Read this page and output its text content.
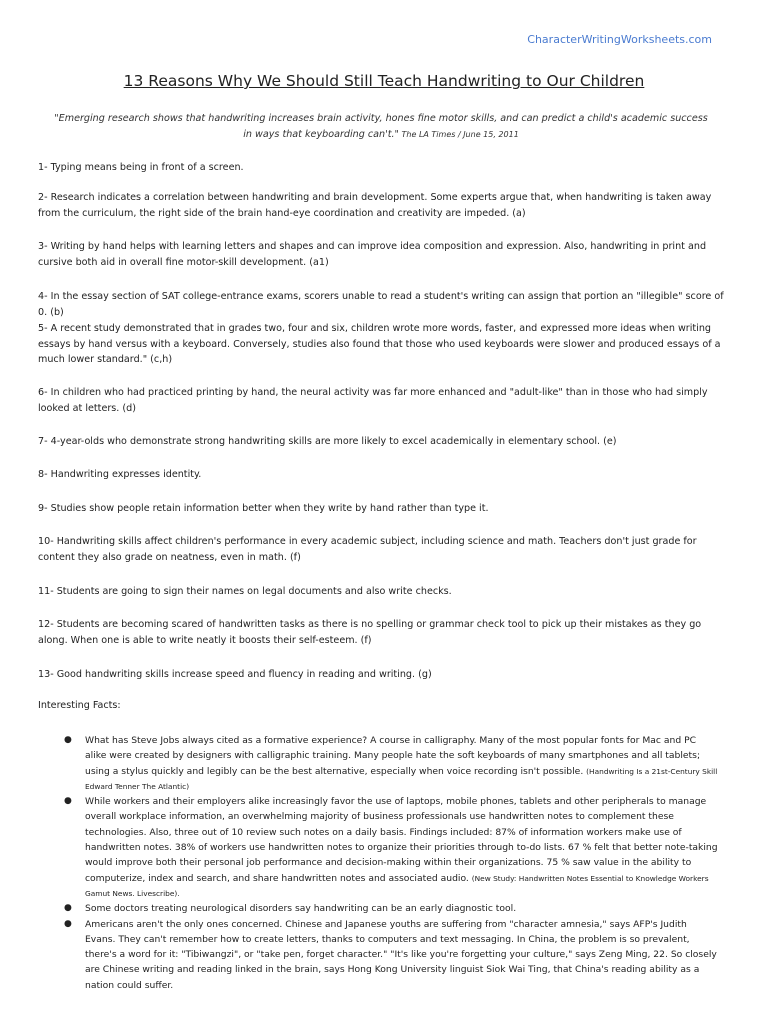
CharacterWritingWorksheets.com
13 Reasons Why We Should Still Teach Handwriting to Our Children
"Emerging research shows that handwriting increases brain activity, hones fine motor skills, and can predict a child's academic success in ways that keyboarding can't." The LA Times / June 15, 2011
1- Typing means being in front of a screen.
2- Research indicates a correlation between handwriting and brain development. Some experts argue that, when handwriting is taken away from the curriculum, the right side of the brain hand-eye coordination and creativity are impeded. (a)
3- Writing by hand helps with learning letters and shapes and can improve idea composition and expression. Also, handwriting in print and cursive both aid in overall fine motor-skill development. (a1)
4- In the essay section of SAT college-entrance exams, scorers unable to read a student's writing can assign that portion an "illegible" score of 0. (b)
5- A recent study demonstrated that in grades two, four and six, children wrote more words, faster, and expressed more ideas when writing essays by hand versus with a keyboard. Conversely, studies also found that those who used keyboards were slower and produced essays of a much lower standard." (c,h)
6- In children who had practiced printing by hand, the neural activity was far more enhanced and "adult-like" than in those who had simply looked at letters. (d)
7- 4-year-olds who demonstrate strong handwriting skills are more likely to excel academically in elementary school. (e)
8- Handwriting expresses identity.
9- Studies show people retain information better when they write by hand rather than type it.
10- Handwriting skills affect children's performance in every academic subject, including science and math. Teachers don't just grade for content they also grade on neatness, even in math. (f)
11- Students are going to sign their names on legal documents and also write checks.
12- Students are becoming scared of handwritten tasks as there is no spelling or grammar check tool to pick up their mistakes as they go along. When one is able to write neatly it boosts their self-esteem. (f)
13- Good handwriting skills increase speed and fluency in reading and writing. (g)
Interesting Facts:
● What has Steve Jobs always cited as a formative experience? A course in calligraphy. Many of the most popular fonts for Mac and PC alike were created by designers with calligraphic training. Many people hate the soft keyboards of many smartphones and all tablets; using a stylus quickly and legibly can be the best alternative, especially when voice recording isn't possible. (Handwriting Is a 21st-Century Skill Edward Tenner The Atlantic)
● While workers and their employers alike increasingly favor the use of laptops, mobile phones, tablets and other peripherals to manage overall workplace information, an overwhelming majority of business professionals use handwritten notes to complement these technologies. Also, three out of 10 review such notes on a daily basis. Findings included: 87% of information workers make use of handwritten notes. 38% of workers use handwritten notes to organize their priorities through to-do lists. 67 % felt that better note-taking would improve both their personal job performance and decision-making within their organizations. 75 % saw value in the ability to computerize, index and search, and share handwritten notes and associated audio. (New Study: Handwritten Notes Essential to Knowledge Workers Gamut News. Livescribe).
● Some doctors treating neurological disorders say handwriting can be an early diagnostic tool.
● Americans aren't the only ones concerned. Chinese and Japanese youths are suffering from "character amnesia," says AFP's Judith Evans. They can't remember how to create letters, thanks to computers and text messaging. In China, the problem is so prevalent, there's a word for it: "Tibiwangzi", or "take pen, forget character." "It's like you're forgetting your culture," says Zeng Ming, 22. So closely are Chinese writing and reading linked in the brain, says Hong Kong University linguist Siok Wai Ting, that China's reading ability as a nation could suffer.
